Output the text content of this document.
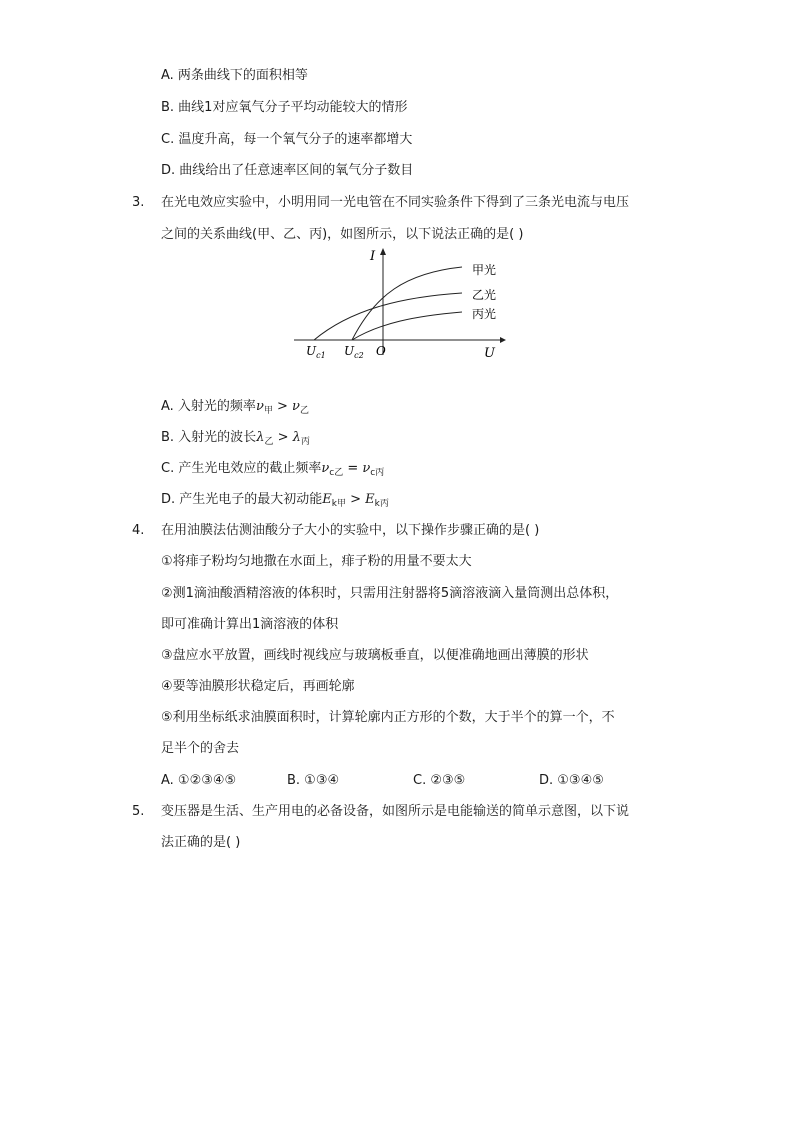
A. 两条曲线下的面积相等
B. 曲线1对应氧气分子平均动能较大的情形
C. 温度升高，每一个氧气分子的速率都增大
D. 曲线给出了任意速率区间的氧气分子数目
3. 在光电效应实验中，小明用同一光电管在不同实验条件下得到了三条光电流与电压
之间的关系曲线(甲、乙、丙)，如图所示，以下说法正确的是( )
I
U
O
$U_{c1}$ $U_{c2}$
甲光
乙光
丙光
A. 入射光的频率$\nu_甲 > \nu_乙$
B. 入射光的波长$\lambda_乙 > \lambda_丙$
C. 产生光电效应的截止频率$\nu_{c乙} = \nu_{c丙}$
D. 产生光电子的最大初动能$E_{k甲} > E_{k丙}$
4. 在用油膜法估测油酸分子大小的实验中，以下操作步骤正确的是( )
①将痱子粉均匀地撒在水面上，痱子粉的用量不要太大
②测1滴油酸酒精溶液的体积时，只需用注射器将5滴溶液滴入量筒测出总体积，
即可准确计算出1滴溶液的体积
③盘应水平放置，画线时视线应与玻璃板垂直，以便准确地画出薄膜的形状
④要等油膜形状稳定后，再画轮廓
⑤利用坐标纸求油膜面积时，计算轮廓内正方形的个数，大于半个的算一个，不
足半个的舍去
A. ①②③④⑤	B. ①③④	C. ②③⑤	D. ①③④⑤
5. 变压器是生活、生产用电的必备设备，如图所示是电能输送的简单示意图，以下说
法正确的是( )
